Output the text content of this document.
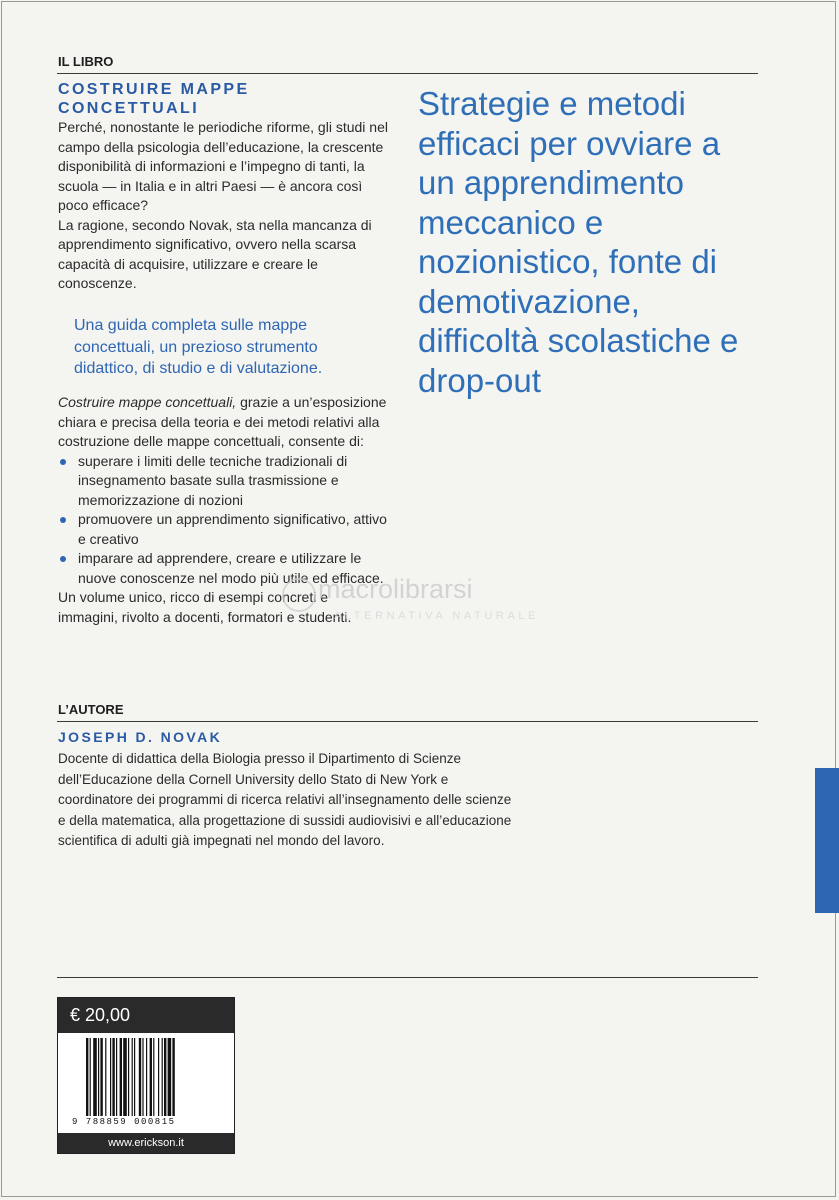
IL LIBRO
COSTRUIRE MAPPE
CONCETTUALI

Perché, nonostante le periodiche riforme, gli studi nel campo della psicologia dell’educazione, la crescente disponibilità di informazioni e l’impegno di tanti, la scuola — in Italia e in altri Paesi — è ancora così poco efficace?

La ragione, secondo Novak, sta nella mancanza di apprendimento significativo, ovvero nella scarsa capacità di acquisire, utilizzare e creare le conoscenze.

Una guida completa sulle mappe concettuali, un prezioso strumento didattico, di studio e di valutazione.

Costruire mappe concettuali, grazie a un’esposizione chiara e precisa della teoria e dei metodi relativi alla costruzione delle mappe concettuali, consente di:

superare i limiti delle tecniche tradizionali di insegnamento basate sulla trasmissione e memorizzazione di nozioni
promuovere un apprendimento significativo, attivo e creativo
imparare ad apprendere, creare e utilizzare le nuove conoscenze nel modo più utile ed efficace.

Un volume unico, ricco di esempi concreti e immagini, rivolto a docenti, formatori e studenti.

Strategie e metodi efficaci per ovviare a un apprendimento meccanico e nozionistico, fonte di demotivazione, difficoltà scolastiche e drop-out
macrolibrarsi
ALTERNATIVA NATURALE
L’AUTORE
JOSEPH D. NOVAK
Docente di didattica della Biologia presso il Dipartimento di Scienze dell’Educazione della Cornell University dello Stato di New York e coordinatore dei programmi di ricerca relativi all’insegnamento delle scienze e della matematica, alla progettazione di sussidi audiovisivi e all’educazione scientifica di adulti già impegnati nel mondo del lavoro.
€ 20,00
9 788859 000815
www.erickson.it
